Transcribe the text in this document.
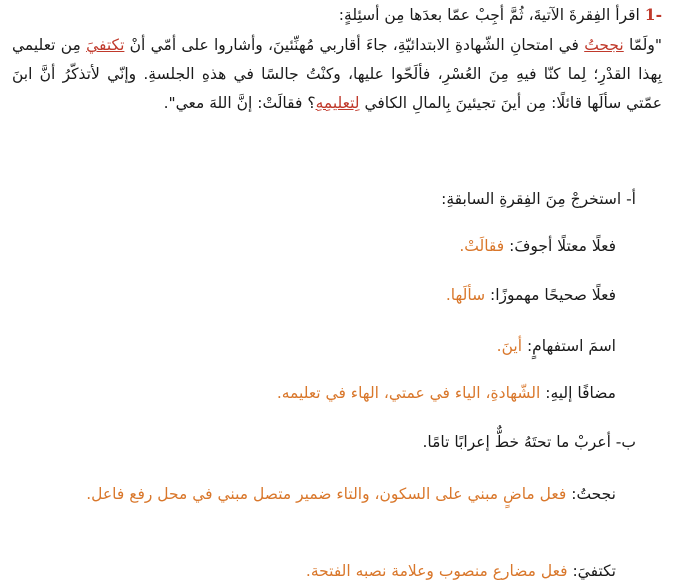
1- اقرأ الفِقرةَ الآتيةَ، ثُمَّ أجِبْ عمّا بعدَها مِن أسئِلةٍ:
"ولَمّا نجحتُ في امتحانِ الشّهادةِ الابتدائيّةِ، جاءَ أقاربي مُهنِّئينَ، وأشاروا على أمّي أنْ تكتفيَ مِن تعليمي بِهذا القدْرِ؛ لِما كنّا فيهِ مِنَ العُسْرِ، فألَحّوا عليها، وكنْتُ جالسًا في هذهِ الجلسةِ. وإنّي لأتذكّرُ أنَّ ابنَ عمّتي سألَها قائلًا: مِن أينَ تجيئينَ بِالمالِ الكافي لِتعليمِهِ؟ فقالَتْ: إنَّ اللهَ معي".
أ- استخرجْ مِنَ الفِقرةِ السابقةِ:
فعلًا معتلًا أجوفَ: فقالَتْ.
فعلًا صحيحًا مهموزًا: سألَها.
اسمَ استفهامٍ: أينَ.
مضافًا إليهِ: الشّهادةِ، الياء في عمتي، الهاء في تعليمه.
ب- أعربْ ما تحتَهُ خطٌّ إعرابًا تامًا.
نجحتُ: فعل ماضٍ مبني على السكون، والتاء ضمير متصل مبني في محل رفع فاعل.
تكتفيَ: فعل مضارع منصوب وعلامة نصبه الفتحة.
